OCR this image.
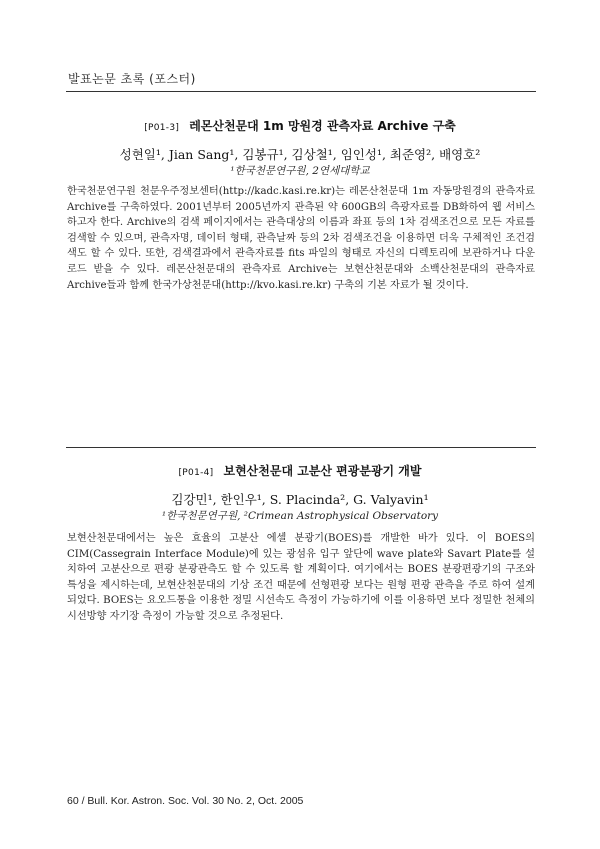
발표논문 초록 (포스터)
[P01-3] 레몬산천문대 1m 망원경 관측자료 Archive 구축
성현일¹, Jian Sang¹, 김봉규¹, 김상철¹, 임인성¹, 최준영², 배영호²
¹한국천문연구원, 2연세대학교

한국천문연구원 천문우주정보센터(http://kadc.kasi.re.kr)는 레몬산천문대 1m 자동망원경의 관측자료 Archive를 구축하였다. 2001년부터 2005년까지 관측된 약 600GB의 측광자료를 DB화하여 웹 서비스하고자 한다. Archive의 검색 페이지에서는 관측대상의 이름과 좌표 등의 1차 검색조건으로 모든 자료를 검색할 수 있으며, 관측자명, 데이터 형태, 관측날짜 등의 2차 검색조건을 이용하면 더욱 구체적인 조건검색도 할 수 있다. 또한, 검색결과에서 관측자료를 fits 파일의 형태로 자신의 디렉토리에 보관하거나 다운로드 받을 수 있다. 레몬산천문대의 관측자료 Archive는 보현산천문대와 소백산천문대의 관측자료 Archive들과 함께 한국가상천문대(http://kvo.kasi.re.kr) 구축의 기본 자료가 될 것이다.

[P01-4] 보현산천문대 고분산 편광분광기 개발
김강민¹, 한인우¹, S. Placinda², G. Valyavin¹
¹한국천문연구원, ²Crimean Astrophysical Observatory

보현산천문대에서는 높은 효율의 고분산 에셀 분광기(BOES)를 개발한 바가 있다. 이 BOES의 CIM(Cassegrain Interface Module)에 있는 광섬유 입구 앞단에 wave plate와 Savart Plate를 설치하여 고분산으로 편광 분광관측도 할 수 있도록 할 계획이다. 여기에서는 BOES 분광편광기의 구조와 특성을 제시하는데, 보현산천문대의 기상 조건 때문에 선형편광 보다는 원형 편광 관측을 주로 하여 설계되었다. BOES는 요오드통을 이용한 정밀 시선속도 측정이 가능하기에 이를 이용하면 보다 정밀한 천체의 시선방향 자기장 측정이 가능할 것으로 추정된다.

60 / Bull. Kor. Astron. Soc. Vol. 30 No. 2, Oct. 2005
